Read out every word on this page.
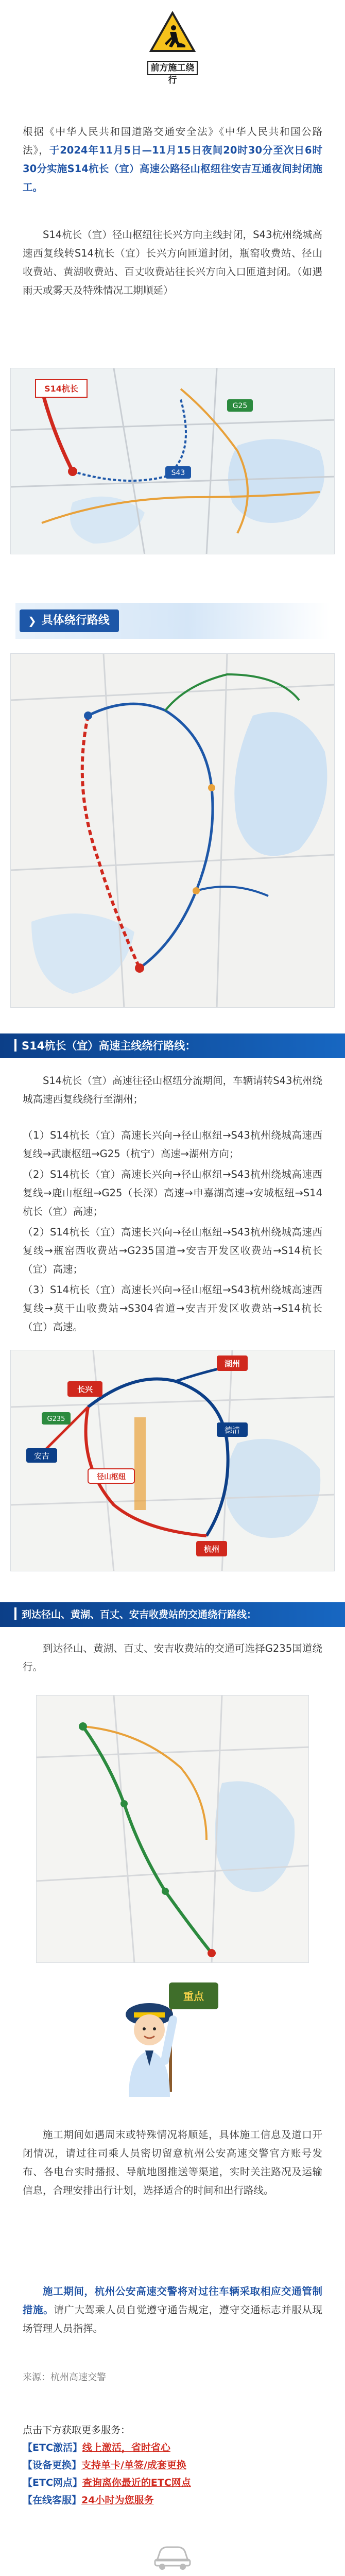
前方施工绕行
根据《中华人民共和国道路交通安全法》《中华人民共和国公路法》，于2024年11月5日—11月15日夜间20时30分至次日6时30分实施S14杭长（宜）高速公路径山枢纽往安吉互通夜间封闭施工。
S14杭长（宜）径山枢纽往长兴方向主线封闭，S43杭州绕城高速西复线转S14杭长（宜）长兴方向匝道封闭，瓶窑收费站、径山收费站、黄湖收费站、百丈收费站往长兴方向入口匝道封闭。（如遇雨天或雾天及特殊情况工期顺延）
S14杭长
S43
G25
❯ 具体绕行路线
S14杭长（宜）高速主线绕行路线：
S14杭长（宜）高速往径山枢纽分流期间，车辆请转S43杭州绕城高速西复线绕行至湖州；
（1）S14杭长（宜）高速长兴向→径山枢纽→S43杭州绕城高速西复线→武康枢纽→G25（杭宁）高速→湖州方向；
（2）S14杭长（宜）高速长兴向→径山枢纽→S43杭州绕城高速西复线→鹿山枢纽→G25（长深）高速→申嘉湖高速→安城枢纽→S14杭长（宜）高速；
（2）S14杭长（宜）高速长兴向→径山枢纽→S43杭州绕城高速西复线→瓶窑西收费站→G235国道→安吉开发区收费站→S14杭长（宜）高速；
（3）S14杭长（宜）高速长兴向→径山枢纽→S43杭州绕城高速西复线→莫干山收费站→S304省道→安吉开发区收费站→S14杭长（宜）高速。
长兴
湖州
安吉
径山枢纽
德清
杭州
G235
到达径山、黄湖、百丈、安吉收费站的交通绕行路线：
到达径山、黄湖、百丈、安吉收费站的交通可选择G235国道绕行。
重点
施工期间如遇周末或特殊情况将顺延，具体施工信息及道口开闭情况，请过往司乘人员密切留意杭州公安高速交警官方账号发布、各电台实时播报、导航地图推送等渠道，实时关注路况及运输信息，合理安排出行计划，选择适合的时间和出行路线。
施工期间，杭州公安高速交警将对过往车辆采取相应交通管制措施。请广大驾乘人员自觉遵守通告规定，遵守交通标志并服从现场管理人员指挥。
来源：杭州高速交警
点击下方获取更多服务：
【ETC激活】线上激活，省时省心
【设备更换】支持单卡/单签/成套更换
【ETC网点】查询离你最近的ETC网点
【在线客服】24小时为您服务
